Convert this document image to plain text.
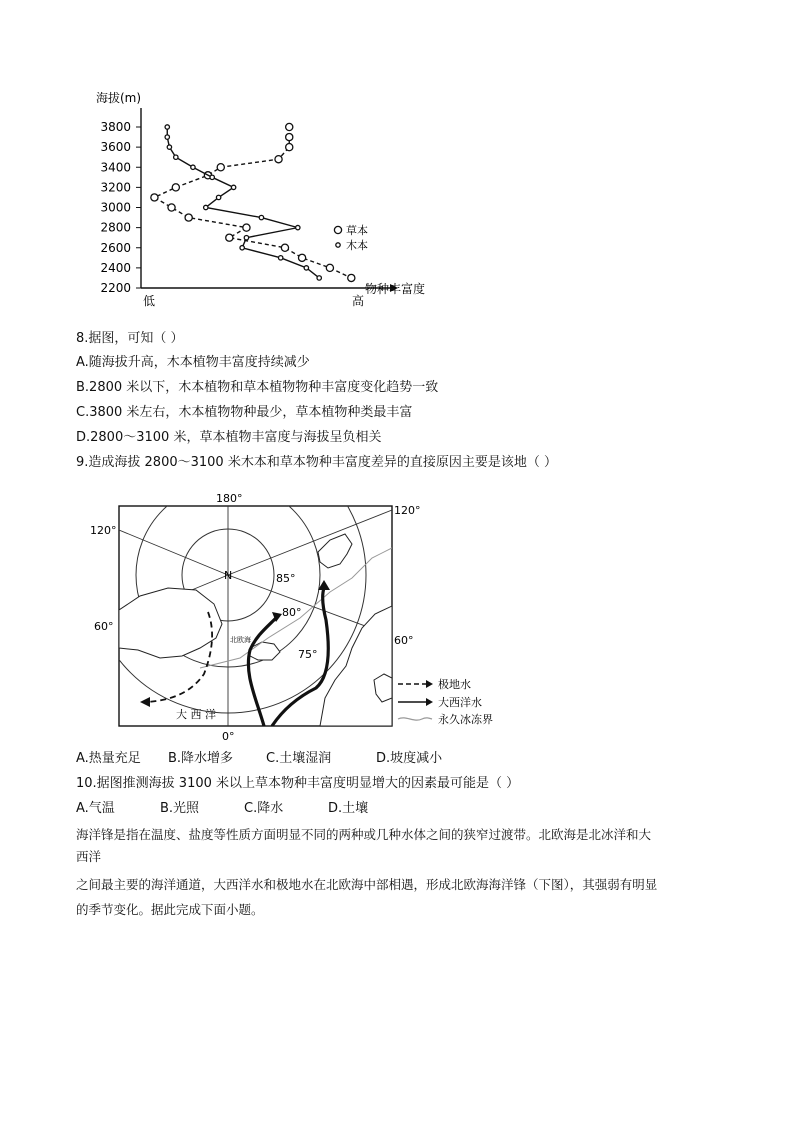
海拔(m)
3800
3600
3400
3200
3000
2800
2600
2400
2200
低	高
物种丰富度
草本
木本
8.据图，可知（ ）
A.随海拔升高，木本植物丰富度持续减少
B.2800 米以下，木本植物和草本植物物种丰富度变化趋势一致
C.3800 米左右，木本植物物种最少，草本植物种类最丰富
D.2800～3100 米，草本植物丰富度与海拔呈负相关
9.造成海拔 2800～3100 米木本和草本物种丰富度差异的直接原因主要是该地（ ）
180°
120°
120°
60°
60°
0°
85°
80°
75°
N
北欧海
大 西 洋
极地水
大西洋水
永久冰冻界
A.热量充足 B.降水增多	C.土壤湿润	D.坡度减小
10.据图推测海拔 3100 米以上草本物种丰富度明显增大的因素最可能是（ ）
A.气温	B.光照	C.降水	D.土壤
海洋锋是指在温度、盐度等性质方面明显不同的两种或几种水体之间的狭窄过渡带。北欧海是北冰洋和大
西洋
之间最主要的海洋通道，大西洋水和极地水在北欧海中部相遇，形成北欧海海洋锋（下图），其强弱有明显
的季节变化。据此完成下面小题。
